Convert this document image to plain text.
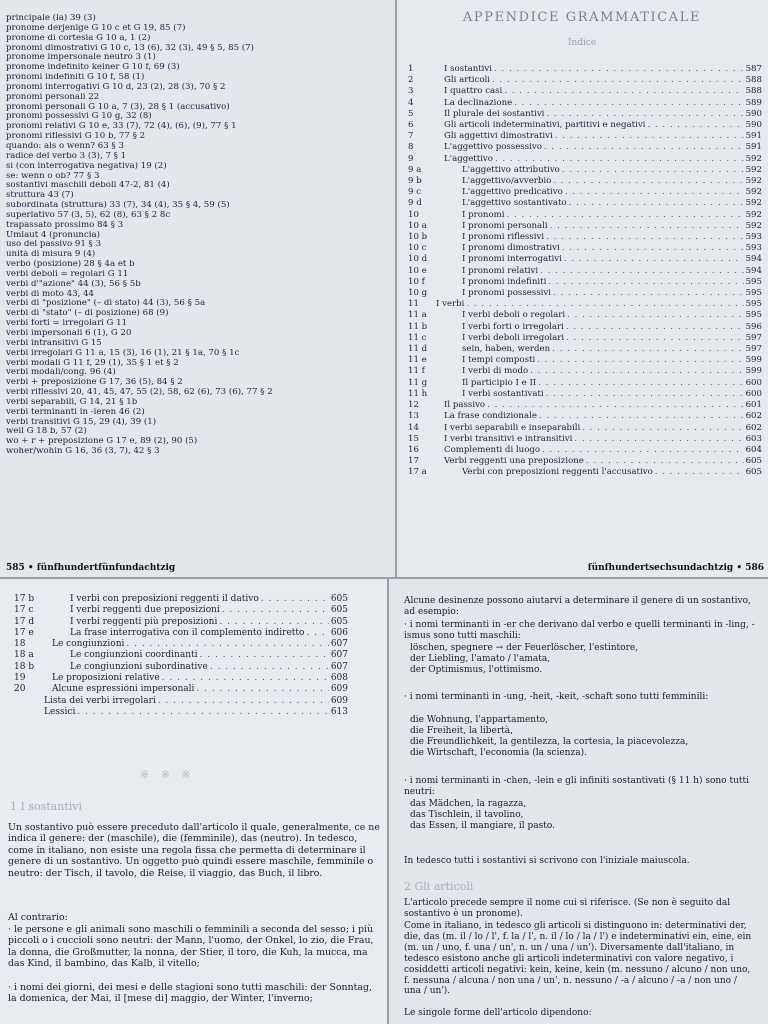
principale (la) 39 (3)
pronome derjenige G 10 c et G 19, 85 (7)
pronome di cortesia G 10 a, 1 (2)
pronomi dimostrativi G 10 c, 13 (6), 32 (3), 49 § 5, 85 (7)
pronome impersonale neutro 3 (1)
pronome indefinito keiner G 10 f, 69 (3)
pronomi indefiniti G 10 f, 58 (1)
pronomi interrogativi G 10 d, 23 (2), 28 (3), 70 § 2
pronomi personali 22
pronomi personali G 10 a, 7 (3), 28 § 1 (accusativo)
pronomi possessivi G 10 g, 32 (8)
pronomi relativi G 10 e, 33 (7), 72 (4), (6), (9), 77 § 1
pronomi riflessivi G 10 b, 77 § 2
quando: als o wenn? 63 § 3
radice del verbo 3 (3), 7 § 1
sì (con interrogativa negativa) 19 (2)
se: wenn o ob? 77 § 3
sostantivi maschili deboli 47-2, 81 (4)
struttura 43 (7)
subordinata (struttura) 33 (7), 34 (4), 35 § 4, 59 (5)
superlativo 57 (3, 5), 62 (8), 63 § 2 8c
trapassato prossimo 84 § 3
Umlaut 4 (pronuncia)
uso del passivo 91 § 3
unità di misura 9 (4)
verbo (posizione) 28 § 4a et b
verbi deboli = regolari G 11
verbi d'"azione" 44 (3), 56 § 5b
verbi di moto 43, 44
verbi di "posizione" (– di stato) 44 (3), 56 § 5a
verbi di "stato" (– di posizione) 68 (9)
verbi forti = irregolari G 11
verbi impersonali 6 (1), G 20
verbi intransitivi G 15
verbi irregolari G 11 a, 15 (3), 16 (1), 21 § 1a, 70 § 1c
verbi modali G 11 f, 29 (1), 35 § 1 et § 2
verbi modali/cong. 96 (4)
verbi + preposizione G 17, 36 (5), 84 § 2
verbi riflessivi 20, 41, 45, 47, 55 (2), 58, 62 (6), 73 (6), 77 § 2
verbi separabili, G 14, 21 § 1b
verbi terminanti in -ieren 46 (2)
verbi transitivi G 15, 29 (4), 39 (1)
weil G 18 b, 57 (2)
wo + r + preposizione G 17 e, 89 (2), 90 (5)
woher/wohin G 16, 36 (3, 7), 42 § 3
585 • fünfhundertfünfundachtzig
APPENDICE GRAMMATICALE
Indice
1	I sostantivi . . .	587
2	Gli articoli . . .	588
3	I quattro casi . . .	588
4	La declinazione . . .	589
5	Il plurale dei sostantivi . . .	590
6	Gli articoli indeterminativi, partitivi e negativi . . .	590
7	Gli aggettivi dimostrativi . . .	591
8	L'aggettivo possessivo . . .	591
9	L'aggettivo . . .	592
9 a	L'aggettivo attributivo . . .	592
9 b	L'aggettivo/avverbio . . .	592
9 c	L'aggettivo predicativo . . .	592
9 d	L'aggettivo sostantivato . . .	592
10	I pronomi . . .	592
10 a	I pronomi personali . . .	592
10 b	I pronomi riflessivi . . .	593
10 c	I pronomi dimostrativi . . .	593
10 d	I pronomi interrogativi . . .	594
10 e	I pronomi relativi . . .	594
10 f	I pronomi indefiniti . . .	595
10 g	I pronomi possessivi . . .	595
11	I verbi . . .	595
11 a	I verbi deboli o regolari . . .	595
11 b	I verbi forti o irregolari . . .	596
11 c	I verbi deboli irregolari . . .	597
11 d	sein, haben, werden . . .	597
11 e	I tempi composti . . .	599
11 f	I verbi di modo . . .	599
11 g	Il participio I e II . . .	600
11 h	I verbi sostantivati . . .	600
12	Il passivo . . .	601
13	La frase condizionale . . .	602
14	I verbi separabili e inseparabili . . .	602
15	I verbi transitivi e intransitivi . . .	603
16	Complementi di luogo . . .	604
17	Verbi reggenti una preposizione . . .	605
17 a	Verbi con preposizioni reggenti l'accusativo . . .	605
fünfhundertsechsundachtzig • 586
17 b	I verbi con preposizioni reggenti il dativo . . .	605
17 c	I verbi reggenti due preposizioni . . .	605
17 d	I verbi reggenti più preposizioni . . .	605
17 e	La frase interrogativa con il complemento indiretto . . .	606
18	Le congiunzioni . . .	607
18 a	Le congiunzioni coordinanti . . .	607
18 b	Le congiunzioni subordinative . . .	607
19	Le proposizioni relative . . .	608
20	Alcune espressioni impersonali . . .	609
Lista dei verbi irregolari . . .	609
Lessici . . .	613
※ ※ ※
1 I sostantivi

Un sostantivo può essere preceduto dall'articolo il quale, generalmente, ce ne indica il genere: der (maschile), die (femminile), das (neutro). In tedesco, come in italiano, non esiste una regola fissa che permetta di determinare il genere di un sostantivo. Un oggetto può quindi essere maschile, femminile o neutro: der Tisch, il tavolo, die Reise, il viaggio, das Buch, il libro.

Al contrario:

· le persone e gli animali sono maschili o femminili a seconda del sesso; i più piccoli o i cuccioli sono neutri: der Mann, l'uomo, der Onkel, lo zio, die Frau, la donna, die Großmutter, la nonna, der Stier, il toro, die Kuh, la mucca, ma das Kind, il bambino, das Kalb, il vitello;

· i nomi dei giorni, dei mesi e delle stagioni sono tutti maschili: der Sonntag, la domenica, der Mai, il [mese di] maggio, der Winter, l'inverno;

Alcune desinenze possono aiutarvi a determinare il genere di un sostantivo, ad esempio:

· i nomi terminanti in -er che derivano dal verbo e quelli terminanti in -ling, -ismus sono tutti maschili:

löschen, spegnere → der Feuerlöscher, l'estintore,
der Liebling, l'amato / l'amata,
der Optimismus, l'ottimismo.

· i nomi terminanti in -ung, -heit, -keit, -schaft sono tutti femminili:

die Wohnung, l'appartamento,
die Freiheit, la libertà,
die Freundlichkeit, la gentilezza, la cortesia, la piacevolezza,
die Wirtschaft, l'economia (la scienza).

· i nomi terminanti in -chen, -lein e gli infiniti sostantivati (§ 11 h) sono tutti neutri:

das Mädchen, la ragazza,
das Tischlein, il tavolino,
das Essen, il mangiare, il pasto.

In tedesco tutti i sostantivi si scrivono con l'iniziale maiuscola.

2 Gli articoli

L'articolo precede sempre il nome cui si riferisce. (Se non è seguito dal sostantivo è un pronome).

Come in italiano, in tedesco gli articoli si distinguono in: determinativi der, die, das (m. il / lo / l', f. la / l', n. il / lo / la / l') e indeterminativi ein, eine, ein (m. un / uno, f. una / un', n. un / una / un'). Diversamente dall'italiano, in tedesco esistono anche gli articoli indeterminativi con valore negativo, i cosiddetti articoli negativi: kein, keine, kein (m. nessuno / alcuno / non uno, f. nessuna / alcuna / non una / un', n. nessuno / -a / alcuno / -a / non uno / una / un').

Le singole forme dell'articolo dipendono:
